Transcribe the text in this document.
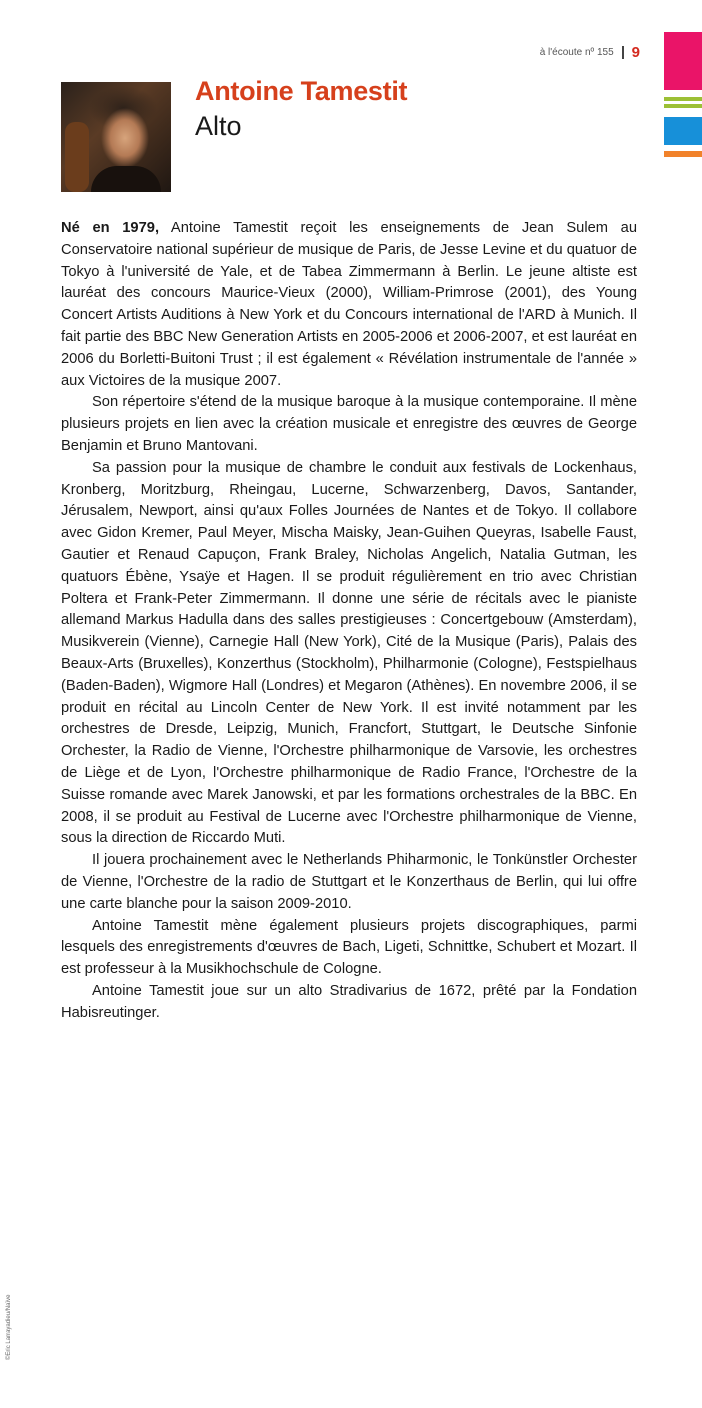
à l'écoute nº 155 9
Antoine Tamestit
Alto

Né en 1979, Antoine Tamestit reçoit les enseignements de Jean Sulem au Conservatoire national supérieur de musique de Paris, de Jesse Levine et du quatuor de Tokyo à l'université de Yale, et de Tabea Zimmermann à Berlin. Le jeune altiste est lauréat des concours Maurice-Vieux (2000), William-Primrose (2001), des Young Concert Artists Auditions à New York et du Concours international de l'ARD à Munich. Il fait partie des BBC New Generation Artists en 2005-2006 et 2006-2007, et est lauréat en 2006 du Borletti-Buitoni Trust ; il est également « Révélation instrumentale de l'année » aux Victoires de la musique 2007.

Son répertoire s'étend de la musique baroque à la musique contemporaine. Il mène plusieurs projets en lien avec la création musicale et enregistre des œuvres de George Benjamin et Bruno Mantovani.

Sa passion pour la musique de chambre le conduit aux festivals de Lockenhaus, Kronberg, Moritzburg, Rheingau, Lucerne, Schwarzenberg, Davos, Santander, Jérusalem, Newport, ainsi qu'aux Folles Journées de Nantes et de Tokyo. Il collabore avec Gidon Kremer, Paul Meyer, Mischa Maisky, Jean-Guihen Queyras, Isabelle Faust, Gautier et Renaud Capuçon, Frank Braley, Nicholas Angelich, Natalia Gutman, les quatuors Ébène, Ysaÿe et Hagen. Il se produit régulièrement en trio avec Christian Poltera et Frank-Peter Zimmermann. Il donne une série de récitals avec le pianiste allemand Markus Hadulla dans des salles prestigieuses : Concertgebouw (Amsterdam), Musikverein (Vienne), Carnegie Hall (New York), Cité de la Musique (Paris), Palais des Beaux-Arts (Bruxelles), Konzerthus (Stockholm), Philharmonie (Cologne), Festspielhaus (Baden-Baden), Wigmore Hall (Londres) et Megaron (Athènes). En novembre 2006, il se produit en récital au Lincoln Center de New York. Il est invité notamment par les orchestres de Dresde, Leipzig, Munich, Francfort, Stuttgart, le Deutsche Sinfonie Orchester, la Radio de Vienne, l'Orchestre philharmonique de Varsovie, les orchestres de Liège et de Lyon, l'Orchestre philharmonique de Radio France, l'Orchestre de la Suisse romande avec Marek Janowski, et par les formations orchestrales de la BBC. En 2008, il se produit au Festival de Lucerne avec l'Orchestre philharmonique de Vienne, sous la direction de Riccardo Muti.

Il jouera prochainement avec le Netherlands Phiharmonic, le Tonkünstler Orchester de Vienne, l'Orchestre de la radio de Stuttgart et le Konzerthaus de Berlin, qui lui offre une carte blanche pour la saison 2009-2010.

Antoine Tamestit mène également plusieurs projets discographiques, parmi lesquels des enregistrements d'œuvres de Bach, Ligeti, Schnittke, Schubert et Mozart. Il est professeur à la Musikhochschule de Cologne.

Antoine Tamestit joue sur un alto Stradivarius de 1672, prêté par la Fondation Habisreutinger.

©Eric Larrayadieu/Naïve
